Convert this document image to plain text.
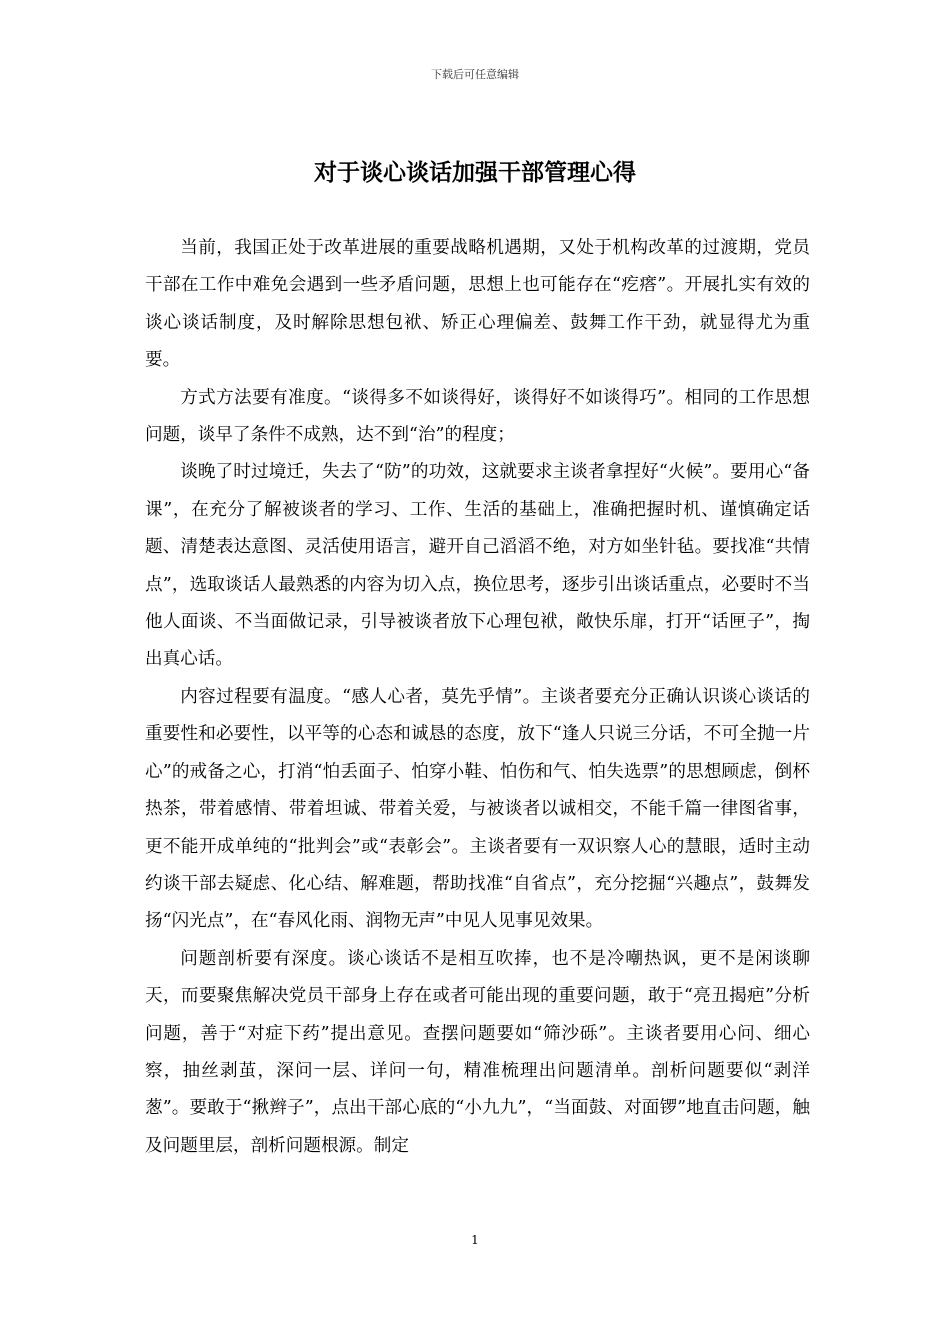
下载后可任意编辑
对于谈心谈话加强干部管理心得

当前，我国正处于改革进展的重要战略机遇期，又处于机构改革的过渡期，党员干部在工作中难免会遇到一些矛盾问题，思想上也可能存在“疙瘩”。开展扎实有效的谈心谈话制度，及时解除思想包袱、矫正心理偏差、鼓舞工作干劲，就显得尤为重要。

方式方法要有准度。“谈得多不如谈得好，谈得好不如谈得巧”。相同的工作思想问题，谈早了条件不成熟，达不到“治”的程度；

谈晚了时过境迁，失去了“防”的功效，这就要求主谈者拿捏好“火候”。要用心“备课”，在充分了解被谈者的学习、工作、生活的基础上，准确把握时机、谨慎确定话题、清楚表达意图、灵活使用语言，避开自己滔滔不绝，对方如坐针毡。要找准“共情点”，选取谈话人最熟悉的内容为切入点，换位思考，逐步引出谈话重点，必要时不当他人面谈、不当面做记录，引导被谈者放下心理包袱，敞快乐扉，打开“话匣子”，掏出真心话。

内容过程要有温度。“感人心者，莫先乎情”。主谈者要充分正确认识谈心谈话的重要性和必要性，以平等的心态和诚恳的态度，放下“逢人只说三分话，不可全抛一片心”的戒备之心，打消“怕丢面子、怕穿小鞋、怕伤和气、怕失选票”的思想顾虑，倒杯热茶，带着感情、带着坦诚、带着关爱，与被谈者以诚相交，不能千篇一律图省事，更不能开成单纯的“批判会”或“表彰会”。主谈者要有一双识察人心的慧眼，适时主动约谈干部去疑虑、化心结、解难题，帮助找准“自省点”，充分挖掘“兴趣点”，鼓舞发扬“闪光点”，在“春风化雨、润物无声”中见人见事见效果。

问题剖析要有深度。谈心谈话不是相互吹捧，也不是冷嘲热讽，更不是闲谈聊天，而要聚焦解决党员干部身上存在或者可能出现的重要问题，敢于“亮丑揭疤”分析问题，善于“对症下药”提出意见。查摆问题要如“筛沙砾”。主谈者要用心问、细心察，抽丝剥茧，深问一层、详问一句，精准梳理出问题清单。剖析问题要似“剥洋葱”。要敢于“揪辫子”，点出干部心底的“小九九”，“当面鼓、对面锣”地直击问题，触及问题里层，剖析问题根源。制定

1
